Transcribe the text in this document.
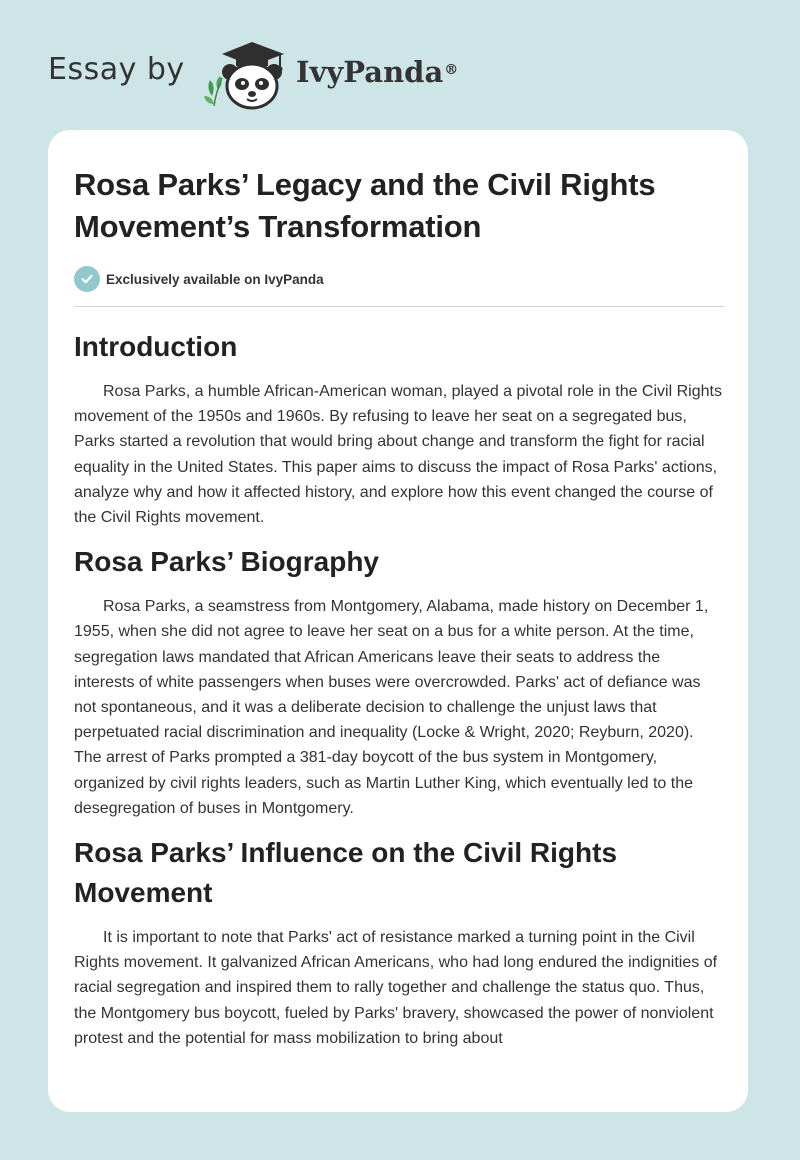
Essay by	IvyPanda®
Rosa Parks’ Legacy and the Civil Rights Movement’s Transformation
Exclusively available on IvyPanda
Introduction

Rosa Parks, a humble African-American woman, played a pivotal role in the Civil Rights movement of the 1950s and 1960s. By refusing to leave her seat on a segregated bus, Parks started a revolution that would bring about change and transform the fight for racial equality in the United States. This paper aims to discuss the impact of Rosa Parks' actions, analyze why and how it affected history, and explore how this event changed the course of the Civil Rights movement.

Rosa Parks’ Biography

Rosa Parks, a seamstress from Montgomery, Alabama, made history on December 1, 1955, when she did not agree to leave her seat on a bus for a white person. At the time, segregation laws mandated that African Americans leave their seats to address the interests of white passengers when buses were overcrowded. Parks' act of defiance was not spontaneous, and it was a deliberate decision to challenge the unjust laws that perpetuated racial discrimination and inequality (Locke & Wright, 2020; Reyburn, 2020). The arrest of Parks prompted a 381-day boycott of the bus system in Montgomery, organized by civil rights leaders, such as Martin Luther King, which eventually led to the desegregation of buses in Montgomery.

Rosa Parks’ Influence on the Civil Rights Movement

It is important to note that Parks' act of resistance marked a turning point in the Civil Rights movement. It galvanized African Americans, who had long endured the indignities of racial segregation and inspired them to rally together and challenge the status quo. Thus, the Montgomery bus boycott, fueled by Parks' bravery, showcased the power of nonviolent protest and the potential for mass mobilization to bring about
